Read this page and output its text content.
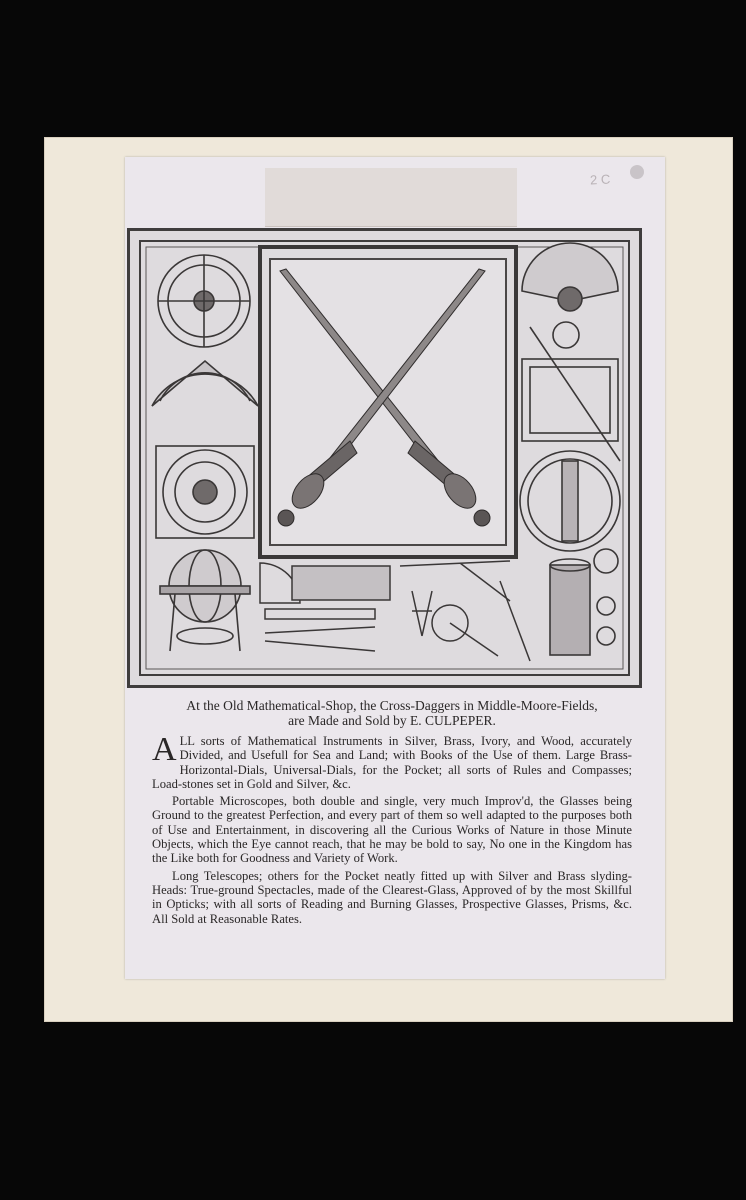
2 C
At the Old Mathematical-Shop, the Cross-Daggers in Middle-Moore-Fields,
are Made and Sold by E. CULPEPER.

A LL sorts of Mathematical Instruments in Silver, Brass, Ivory, and Wood, accurately Divided, and Usefull for Sea and Land; with Books of the Use of them. Large Brass-Horizontal-Dials, Universal-Dials, for the Pocket; all sorts of Rules and Compasses; Load-stones set in Gold and Silver, &c.

Portable Microscopes, both double and single, very much Improv'd, the Glasses being Ground to the greatest Perfection, and every part of them so well adapted to the purposes both of Use and Entertainment, in discovering all the Curious Works of Nature in those Minute Objects, which the Eye cannot reach, that he may be bold to say, No one in the Kingdom has the Like both for Goodness and Variety of Work.

Long Telescopes; others for the Pocket neatly fitted up with Silver and Brass slyding-Heads: True-ground Spectacles, made of the Clearest-Glass, Approved of by the most Skillful in Opticks; with all sorts of Reading and Burning Glasses, Prospective Glasses, Prisms, &c. All Sold at Reasonable Rates.
